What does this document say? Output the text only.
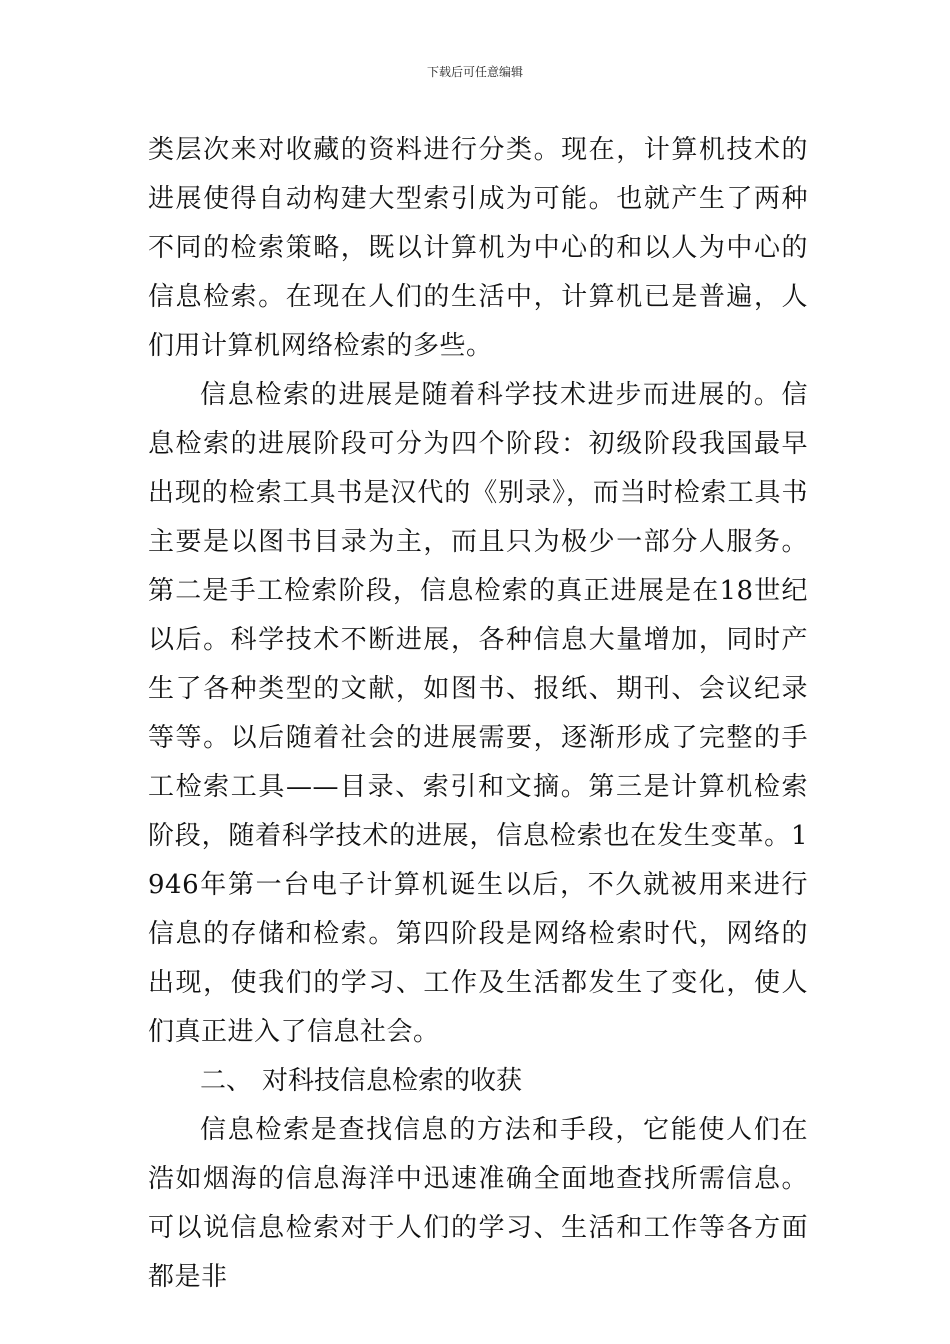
下载后可任意编辑

类层次来对收藏的资料进行分类。现在，计算机技术的进展使得自动构建大型索引成为可能。也就产生了两种不同的检索策略，既以计算机为中心的和以人为中心的信息检索。在现在人们的生活中，计算机已是普遍，人们用计算机网络检索的多些。

信息检索的进展是随着科学技术进步而进展的。信息检索的进展阶段可分为四个阶段：初级阶段我国最早出现的检索工具书是汉代的《别录》，而当时检索工具书主要是以图书目录为主，而且只为极少一部分人服务。第二是手工检索阶段，信息检索的真正进展是在18世纪以后。科学技术不断进展，各种信息大量增加，同时产生了各种类型的文献，如图书、报纸、期刊、会议纪录等等。以后随着社会的进展需要，逐渐形成了完整的手工检索工具——目录、索引和文摘。第三是计算机检索阶段，随着科学技术的进展，信息检索也在发生变革。1946年第一台电子计算机诞生以后，不久就被用来进行信息的存储和检索。第四阶段是网络检索时代，网络的出现，使我们的学习、工作及生活都发生了变化，使人们真正进入了信息社会。

二、 对科技信息检索的收获

信息检索是查找信息的方法和手段，它能使人们在浩如烟海的信息海洋中迅速准确全面地查找所需信息。可以说信息检索对于人们的学习、生活和工作等各方面都是非
